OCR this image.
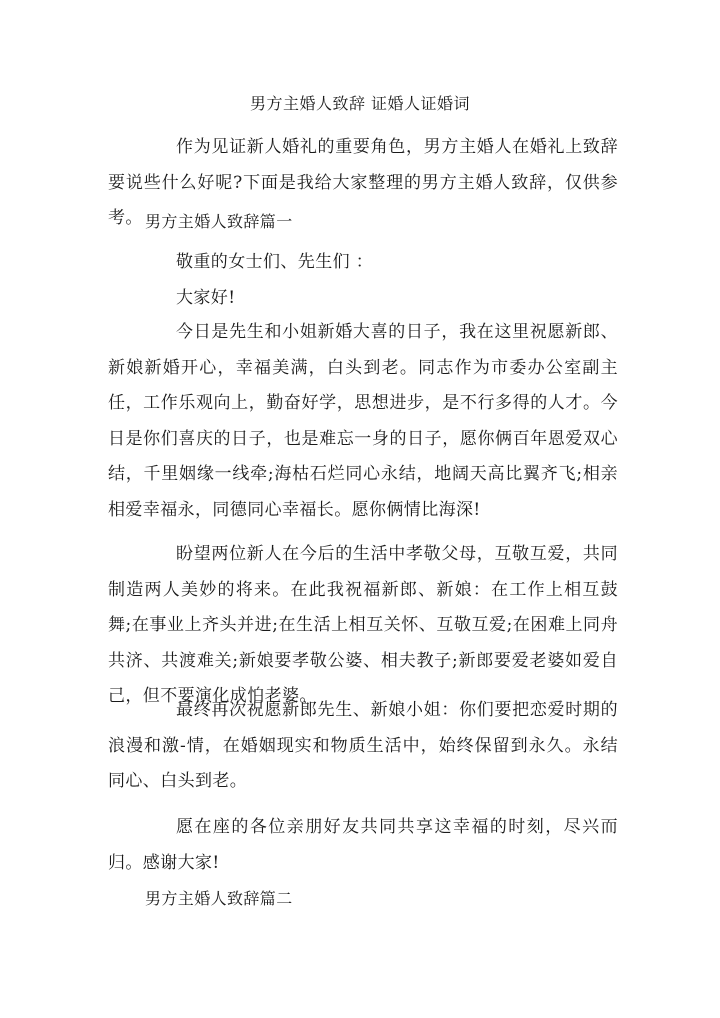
男方主婚人致辞 证婚人证婚词
作为见证新人婚礼的重要角色，男方主婚人在婚礼上致辞要说些什么好呢?下面是我给大家整理的男方主婚人致辞，仅供参考。 男方主婚人致辞篇一
敬重的女士们、先生们 ：
大家好!
今日是先生和小姐新婚大喜的日子，我在这里祝愿新郎、新娘新婚开心，幸福美满，白头到老。同志作为市委办公室副主任，工作乐观向上，勤奋好学，思想进步，是不行多得的人才。今日是你们喜庆的日子，也是难忘一身的日子，愿你俩百年恩爱双心结，千里姻缘一线牵;海枯石烂同心永结，地阔天高比翼齐飞;相亲相爱幸福永，同德同心幸福长。愿你俩情比海深!
盼望两位新人在今后的生活中孝敬父母，互敬互爱，共同制造两人美妙的将来。在此我祝福新郎、新娘：在工作上相互鼓舞;在事业上齐头并进;在生活上相互关怀、互敬互爱;在困难上同舟共济、共渡难关;新娘要孝敬公婆、相夫教子;新郎要爱老婆如爱自己，但不要演化成怕老婆。
最终再次祝愿新郎先生、新娘小姐：你们要把恋爱时期的浪漫和激-情，在婚姻现实和物质生活中，始终保留到永久。永结同心、白头到老。
愿在座的各位亲朋好友共同共享这幸福的时刻，尽兴而归。感谢大家!
男方主婚人致辞篇二
